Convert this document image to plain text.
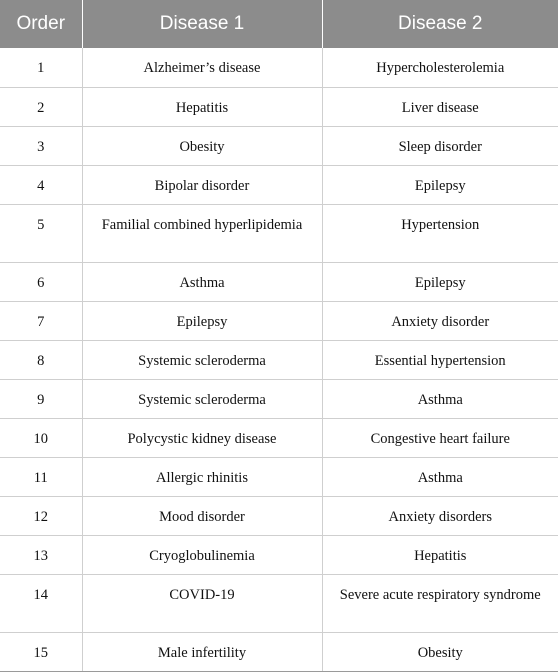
Order	Disease 1	Disease 2
1	Alzheimer’s disease	Hypercholesterolemia
2	Hepatitis	Liver disease
3	Obesity	Sleep disorder
4	Bipolar disorder	Epilepsy
5	Familial combined hyperlipidemia	Hypertension
6	Asthma	Epilepsy
7	Epilepsy	Anxiety disorder
8	Systemic scleroderma	Essential hypertension
9	Systemic scleroderma	Asthma
10	Polycystic kidney disease	Congestive heart failure
11	Allergic rhinitis	Asthma
12	Mood disorder	Anxiety disorders
13	Cryoglobulinemia	Hepatitis
14	COVID-19	Severe acute respiratory syndrome
15	Male infertility	Obesity
